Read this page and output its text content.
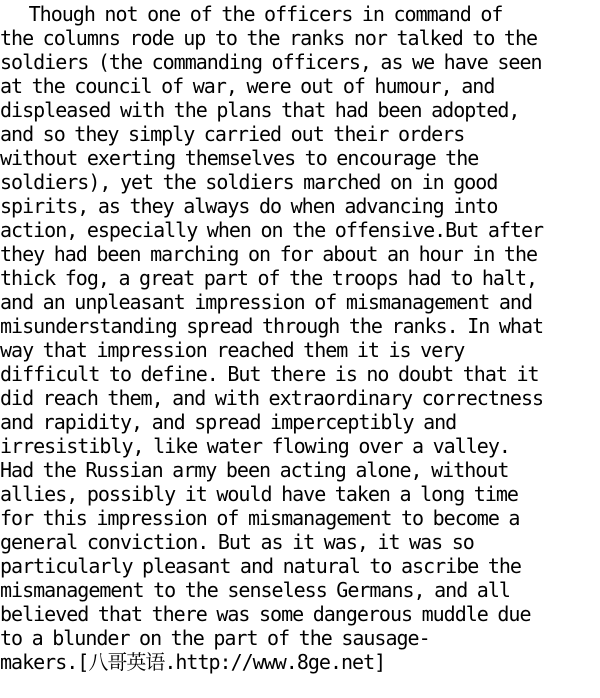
Though not one of the officers in command of
the columns rode up to the ranks nor talked to the
soldiers (the commanding officers, as we have seen
at the council of war, were out of humour, and
displeased with the plans that had been adopted,
and so they simply carried out their orders
without exerting themselves to encourage the
soldiers), yet the soldiers marched on in good
spirits, as they always do when advancing into
action, especially when on the offensive.But after
they had been marching on for about an hour in the
thick fog, a great part of the troops had to halt,
and an unpleasant impression of mismanagement and
misunderstanding spread through the ranks. In what
way that impression reached them it is very
difficult to define. But there is no doubt that it
did reach them, and with extraordinary correctness
and rapidity, and spread imperceptibly and
irresistibly, like water flowing over a valley.
Had the Russian army been acting alone, without
allies, possibly it would have taken a long time
for this impression of mismanagement to become a
general conviction. But as it was, it was so
particularly pleasant and natural to ascribe the
mismanagement to the senseless Germans, and all
believed that there was some dangerous muddle due
to a blunder on the part of the sausage-
makers.[八哥英语.http://www.8ge.net]
